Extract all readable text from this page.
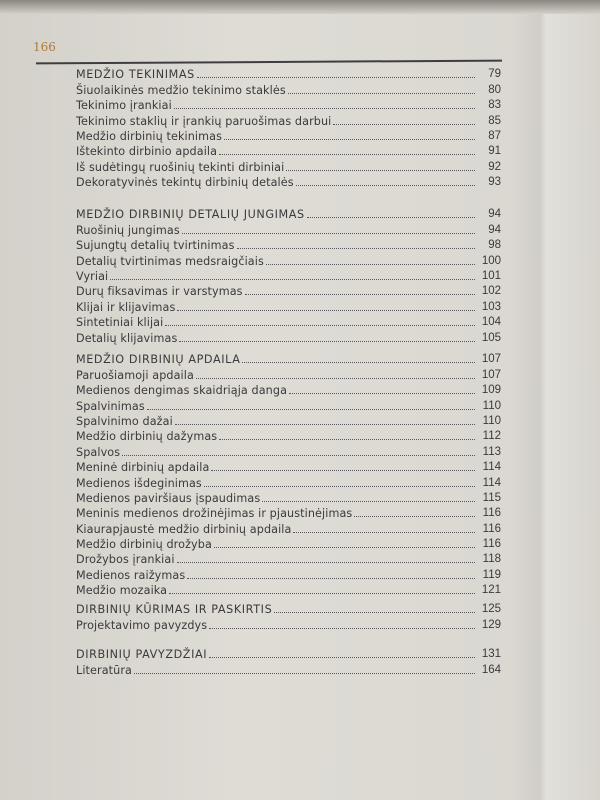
166
MEDŽIO TEKINIMAS	79
Šiuolaikinės medžio tekinimo staklės	80
Tekinimo įrankiai	83
Tekinimo staklių ir įrankių paruošimas darbui	85
Medžio dirbinių tekinimas	87
Ištekinto dirbinio apdaila	91
Iš sudėtingų ruošinių tekinti dirbiniai	92
Dekoratyvinės tekintų dirbinių detalės	93
MEDŽIO DIRBINIŲ DETALIŲ JUNGIMAS	94
Ruošinių jungimas	94
Sujungtų detalių tvirtinimas	98
Detalių tvirtinimas medsraigčiais	100
Vyriai	101
Durų fiksavimas ir varstymas	102
Klijai ir klijavimas	103
Sintetiniai klijai	104
Detalių klijavimas	105
MEDŽIO DIRBINIŲ APDAILA	107
Paruošiamoji apdaila	107
Medienos dengimas skaidriąja danga	109
Spalvinimas	110
Spalvinimo dažai	110
Medžio dirbinių dažymas	112
Spalvos	113
Meninė dirbinių apdaila	114
Medienos išdeginimas	114
Medienos paviršiaus įspaudimas	115
Meninis medienos drožinėjimas ir pjaustinėjimas	116
Kiaurapjaustė medžio dirbinių apdaila	116
Medžio dirbinių drožyba	116
Drožybos įrankiai	118
Medienos raižymas	119
Medžio mozaika	121
DIRBINIŲ KŪRIMAS IR PASKIRTIS	125
Projektavimo pavyzdys	129
DIRBINIŲ PAVYZDŽIAI	131
Literatūra	164
